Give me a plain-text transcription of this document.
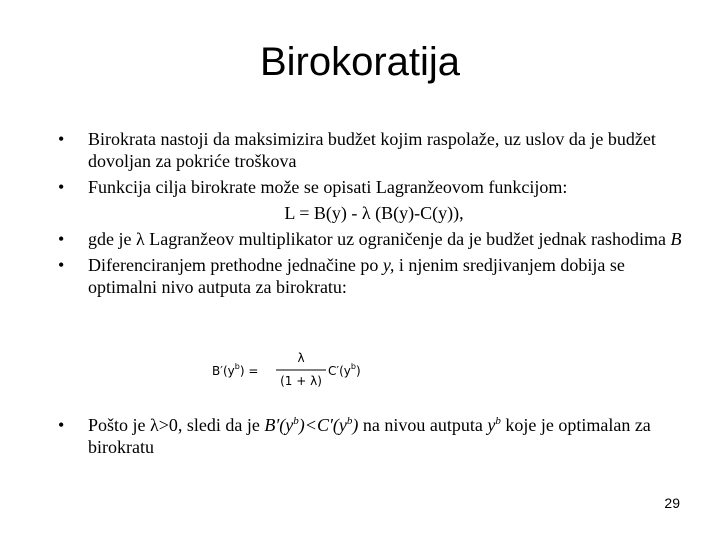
Birokoratija
• Birokrata nastoji da maksimizira budžet kojim raspolaže, uz uslov da je budžet dovoljan za pokriće troškova
• Funkcija cilja birokrate može se opisati Lagranžeovom funkcijom:
L = B(y) - λ (B(y)-C(y)),
• gde je λ Lagranžeov multiplikator uz ograničenje da je budžet jednak rashodima B
• Diferenciranjem prethodne jednačine po y, i njenim sredjivanjem dobija se optimalni nivo autputa za birokratu:
$B'(y^b)$ =
λ
(1 + λ)
$C'(y^b)$
• Pošto je λ>0, sledi da je $B'(y^b)<C'(y^b)$ na nivou autputa $y^b$ koje je optimalan za birokratu
29
